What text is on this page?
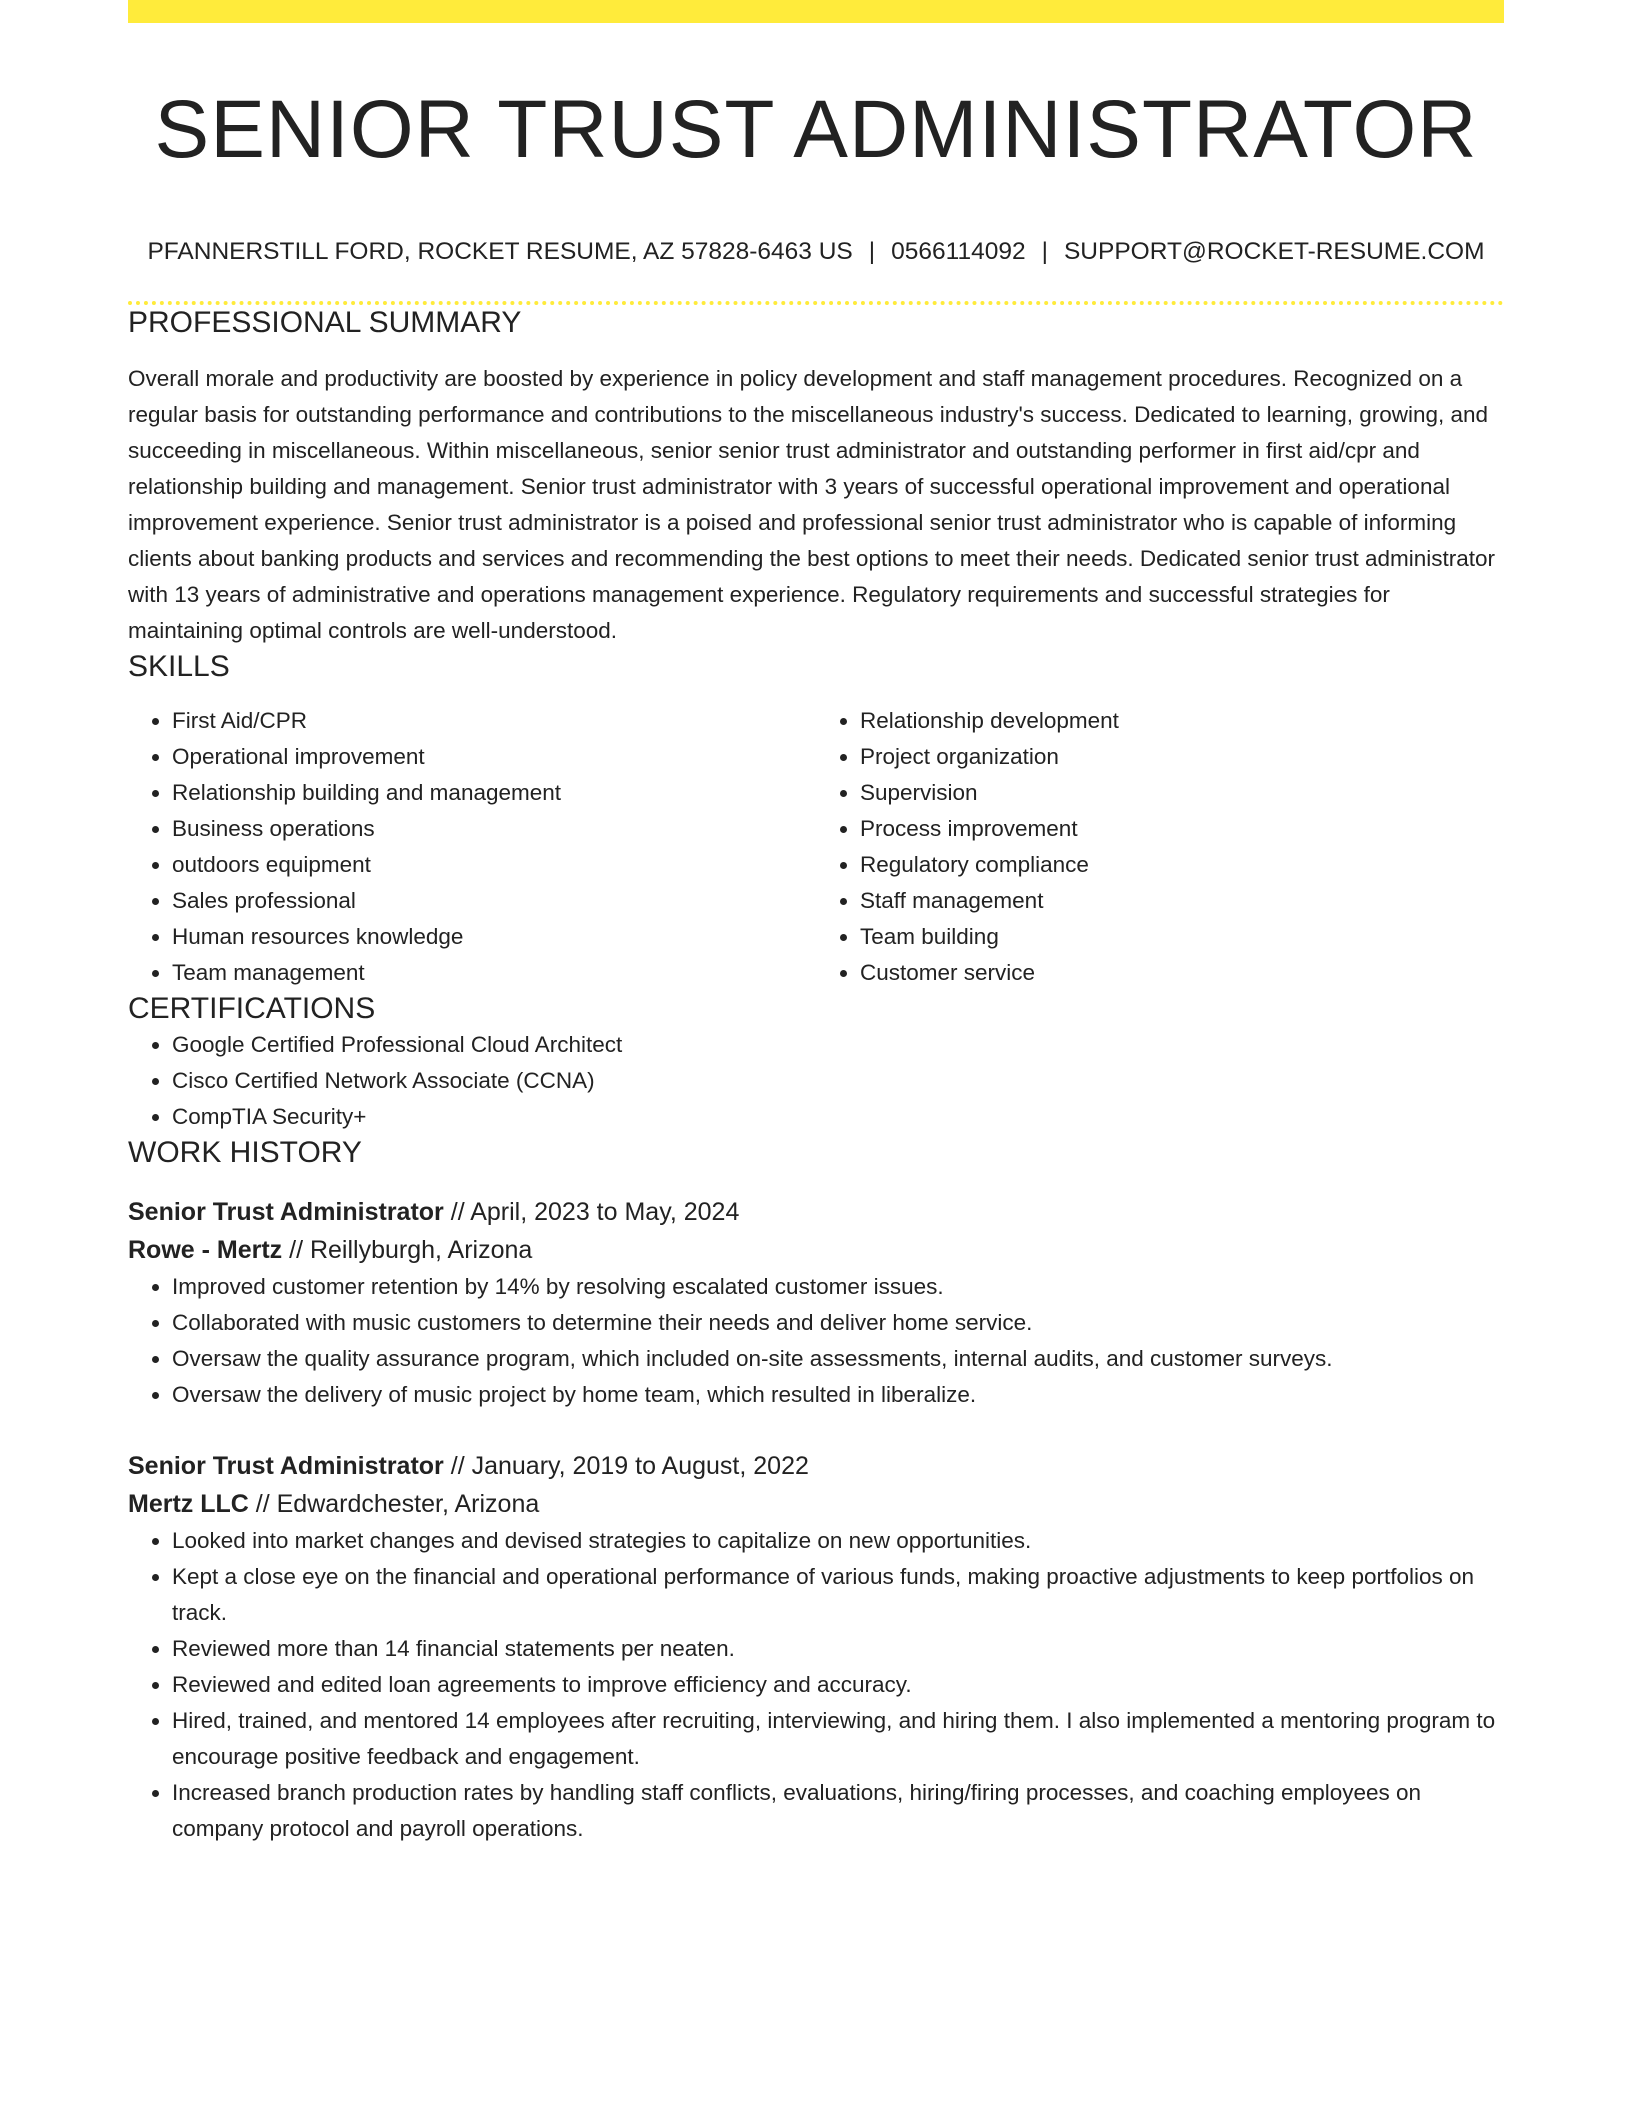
SENIOR TRUST ADMINISTRATOR
PFANNERSTILL FORD, ROCKET RESUME, AZ 57828-6463 US | 0566114092 | SUPPORT@ROCKET-RESUME.COM
PROFESSIONAL SUMMARY

Overall morale and productivity are boosted by experience in policy development and staff management procedures. Recognized on a regular basis for outstanding performance and contributions to the miscellaneous industry's success. Dedicated to learning, growing, and succeeding in miscellaneous. Within miscellaneous, senior senior trust administrator and outstanding performer in first aid/cpr and relationship building and management. Senior trust administrator with 3 years of successful operational improvement and operational improvement experience. Senior trust administrator is a poised and professional senior trust administrator who is capable of informing clients about banking products and services and recommending the best options to meet their needs. Dedicated senior trust administrator with 13 years of administrative and operations management experience. Regulatory requirements and successful strategies for maintaining optimal controls are well-understood.

SKILLS
• First Aid/CPR
• Operational improvement
• Relationship building and management
• Business operations
• outdoors equipment
• Sales professional
• Human resources knowledge
• Team management
• Relationship development
• Project organization
• Supervision
• Process improvement
• Regulatory compliance
• Staff management
• Team building
• Customer service
CERTIFICATIONS
• Google Certified Professional Cloud Architect
• Cisco Certified Network Associate (CCNA)
• CompTIA Security+
WORK HISTORY
Senior Trust Administrator // April, 2023 to May, 2024
Rowe - Mertz // Reillyburgh, Arizona
• Improved customer retention by 14% by resolving escalated customer issues.
• Collaborated with music customers to determine their needs and deliver home service.
• Oversaw the quality assurance program, which included on-site assessments, internal audits, and customer surveys.
• Oversaw the delivery of music project by home team, which resulted in liberalize.
Senior Trust Administrator // January, 2019 to August, 2022
Mertz LLC // Edwardchester, Arizona
• Looked into market changes and devised strategies to capitalize on new opportunities.
• Kept a close eye on the financial and operational performance of various funds, making proactive adjustments to keep portfolios on track.
• Reviewed more than 14 financial statements per neaten.
• Reviewed and edited loan agreements to improve efficiency and accuracy.
• Hired, trained, and mentored 14 employees after recruiting, interviewing, and hiring them. I also implemented a mentoring program to encourage positive feedback and engagement.
• Increased branch production rates by handling staff conflicts, evaluations, hiring/firing processes, and coaching employees on company protocol and payroll operations.
